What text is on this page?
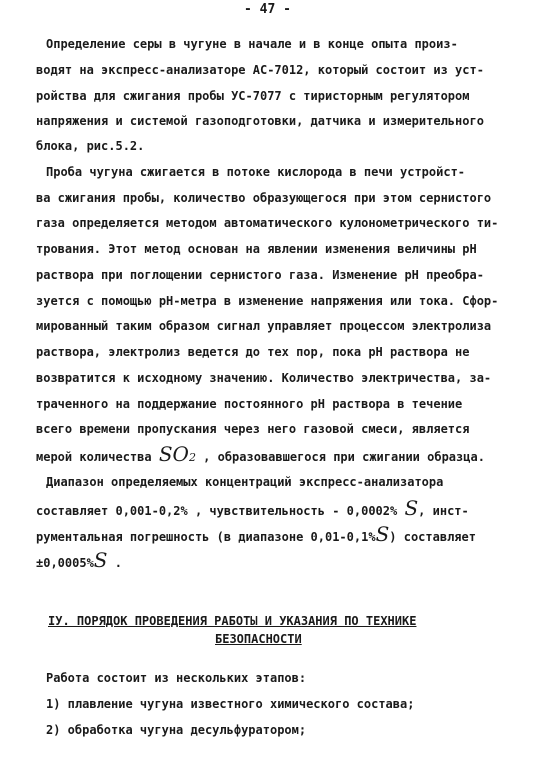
- 47 -
Определение серы в чугуне в начале и в конце опыта произ-
водят на экспресс-анализаторе АС-7012, который состоит из уст-
ройства для сжигания пробы УС-7077 с тиристорным регулятором
напряжения и системой газоподготовки, датчика и измерительного
блока, рис.5.2.
Проба чугуна сжигается в потоке кислорода в печи устройст-
ва сжигания пробы, количество образующегося при этом сернистого
газа определяется методом автоматического кулонометрического ти-
трования. Этот метод основан на явлении изменения величины рН
раствора при поглощении сернистого газа. Изменение рН преобра-
зуется с помощью рН-метра в изменение напряжения или тока. Сфор-
мированный таким образом сигнал управляет процессом электролиза
раствора, электролиз ведется до тех пор, пока рН раствора не
возвратится к исходному значению. Количество электричества, за-
траченного на поддержание постоянного рН раствора в течение
всего времени пропускания через него газовой смеси, является
мерой количества SO2 , образовавшегося при сжигании образца.
Диапазон определяемых концентраций экспресс-анализатора
составляет 0,001-0,2% , чувствительность - 0,0002% S, инст-
рументальная погрешность (в диапазоне 0,01-0,1%S) составляет
±0,0005%S .
IУ. ПОРЯДОК ПРОВЕДЕНИЯ РАБОТЫ И УКАЗАНИЯ ПО ТЕХНИКЕ
БЕЗОПАСНОСТИ
Работа состоит из нескольких этапов:
1) плавление чугуна известного химического состава;
2) обработка чугуна десульфуратором;
